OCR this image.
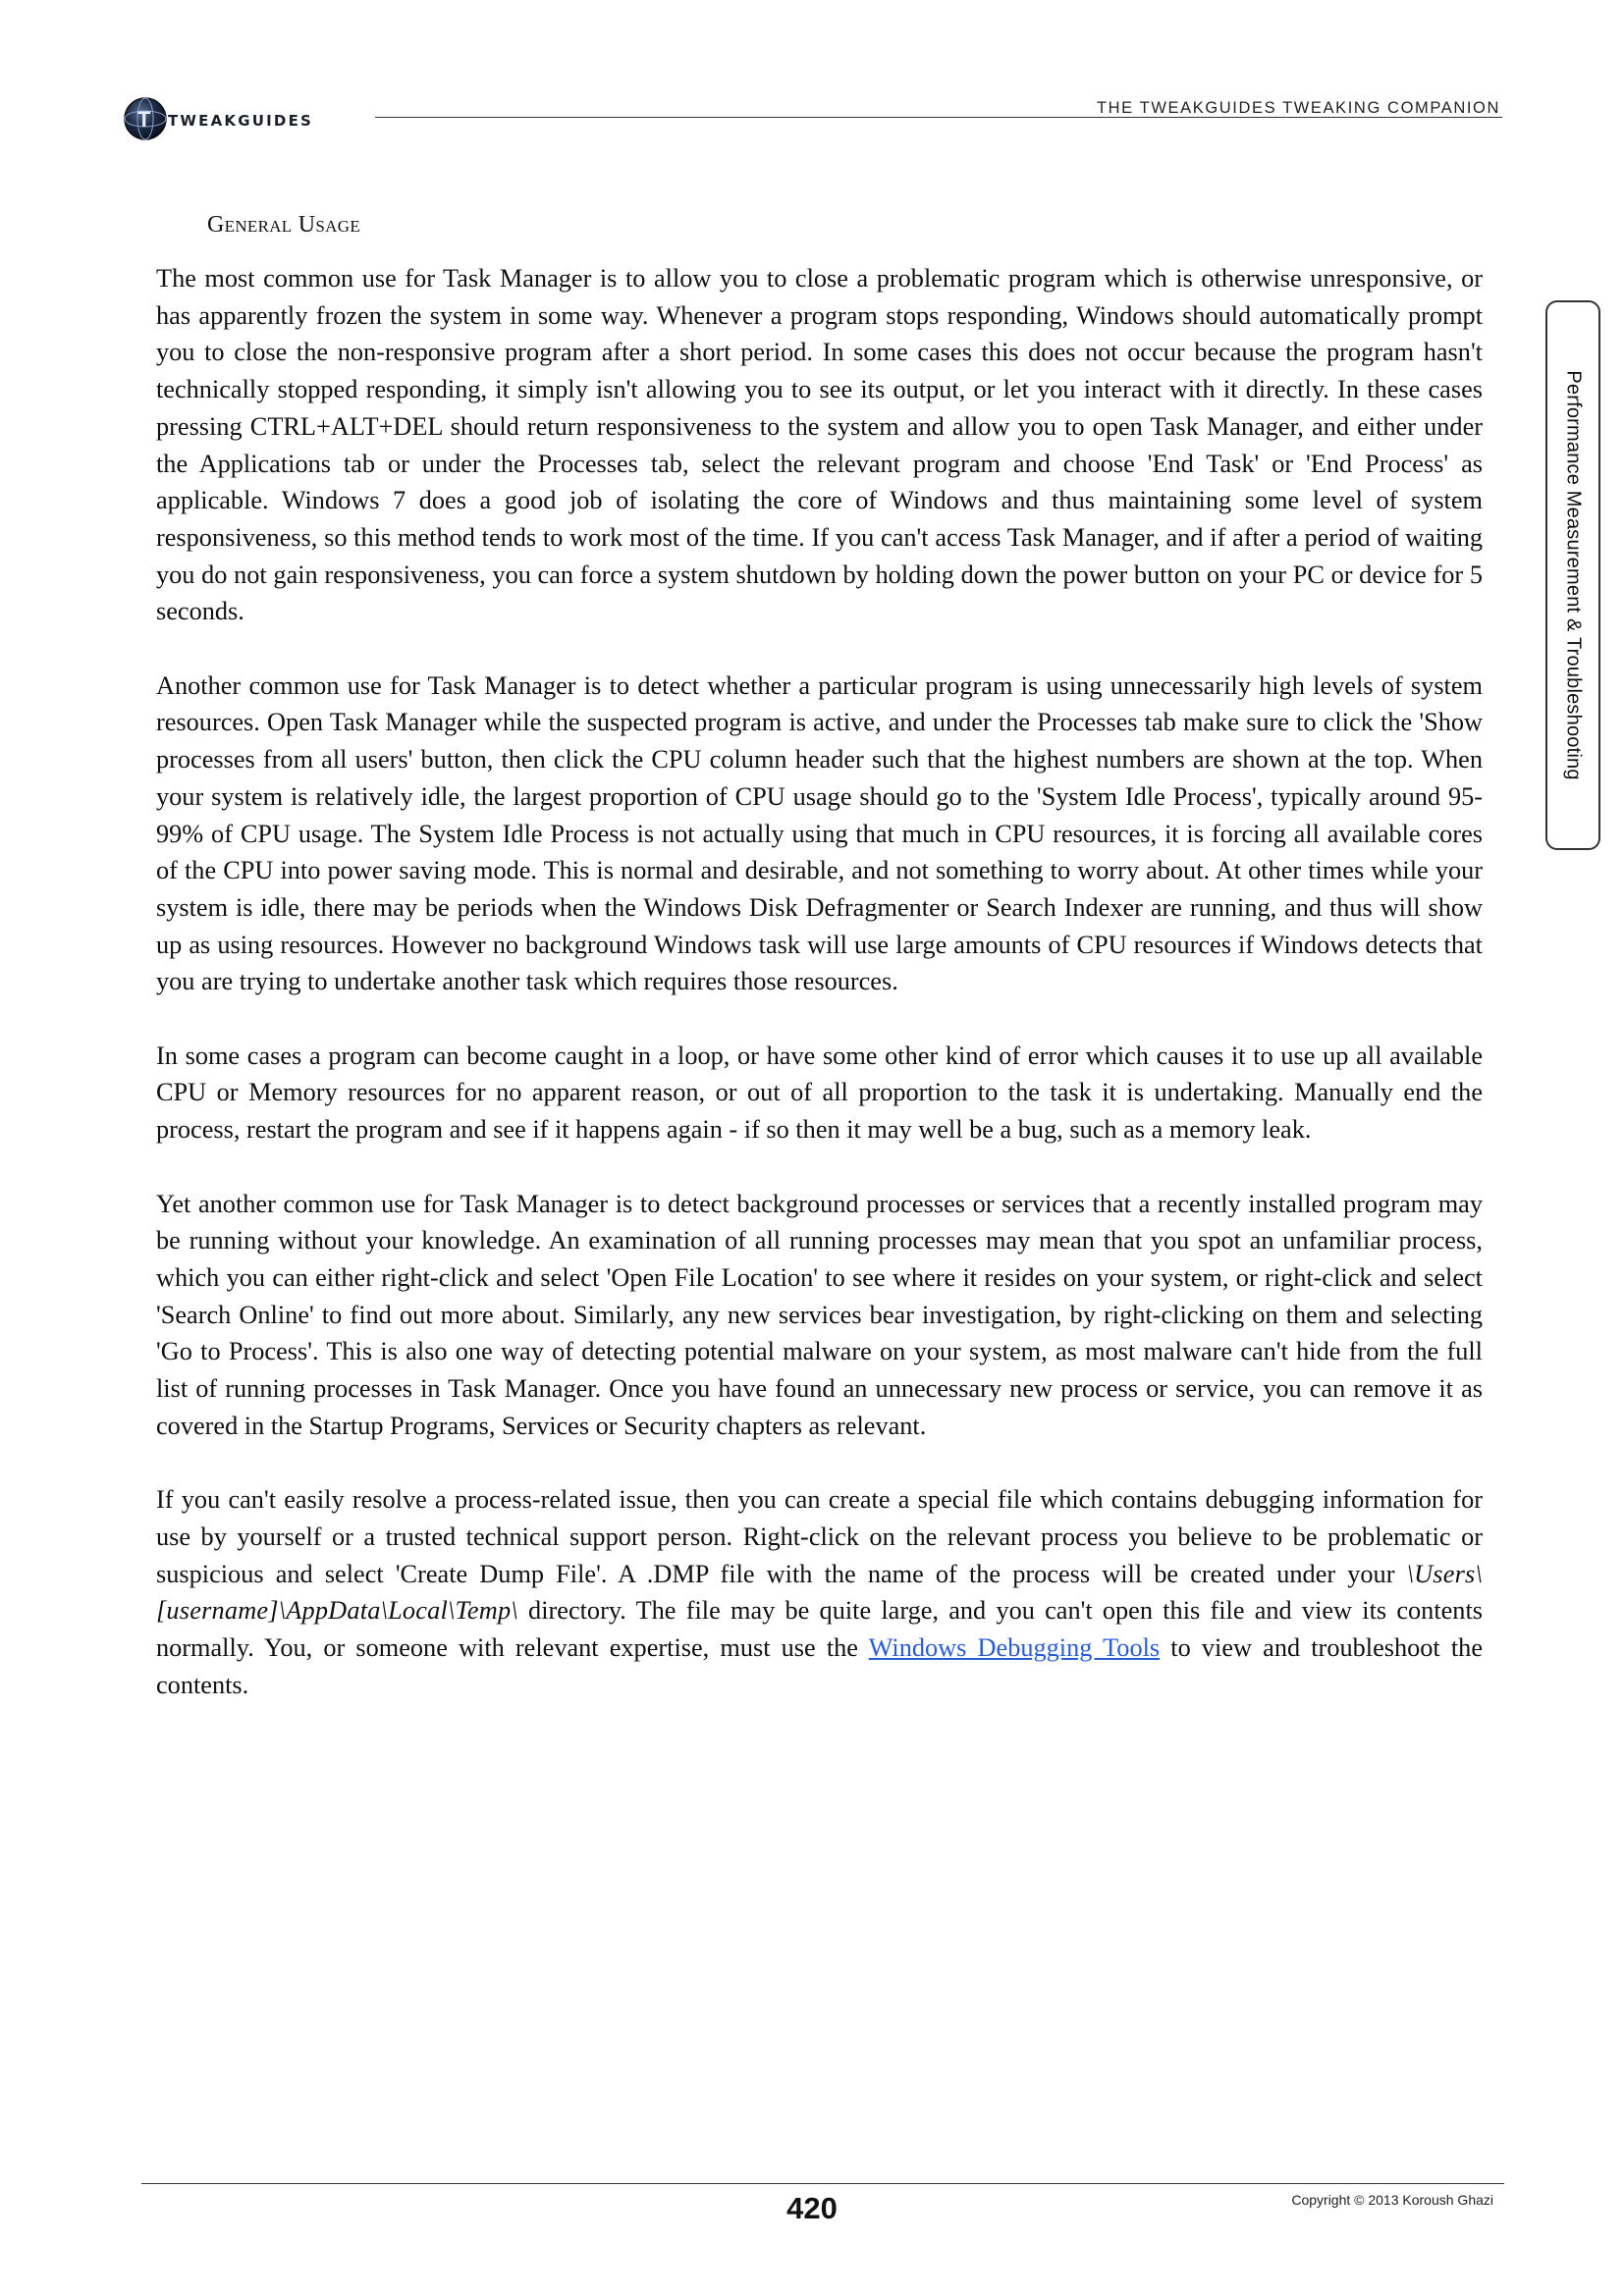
T TWEAKGUIDES
THE TWEAKGUIDES TWEAKING COMPANION
General Usage

The most common use for Task Manager is to allow you to close a problematic program which is otherwise unresponsive, or has apparently frozen the system in some way. Whenever a program stops responding, Windows should automatically prompt you to close the non-responsive program after a short period. In some cases this does not occur because the program hasn't technically stopped responding, it simply isn't allowing you to see its output, or let you interact with it directly. In these cases pressing CTRL+ALT+DEL should return responsiveness to the system and allow you to open Task Manager, and either under the Applications tab or under the Processes tab, select the relevant program and choose 'End Task' or 'End Process' as applicable. Windows 7 does a good job of isolating the core of Windows and thus maintaining some level of system responsiveness, so this method tends to work most of the time. If you can't access Task Manager, and if after a period of waiting you do not gain responsiveness, you can force a system shutdown by holding down the power button on your PC or device for 5 seconds.

Another common use for Task Manager is to detect whether a particular program is using unnecessarily high levels of system resources. Open Task Manager while the suspected program is active, and under the Processes tab make sure to click the 'Show processes from all users' button, then click the CPU column header such that the highest numbers are shown at the top. When your system is relatively idle, the largest proportion of CPU usage should go to the 'System Idle Process', typically around 95-99% of CPU usage. The System Idle Process is not actually using that much in CPU resources, it is forcing all available cores of the CPU into power saving mode. This is normal and desirable, and not something to worry about. At other times while your system is idle, there may be periods when the Windows Disk Defragmenter or Search Indexer are running, and thus will show up as using resources. However no background Windows task will use large amounts of CPU resources if Windows detects that you are trying to undertake another task which requires those resources.

In some cases a program can become caught in a loop, or have some other kind of error which causes it to use up all available CPU or Memory resources for no apparent reason, or out of all proportion to the task it is undertaking. Manually end the process, restart the program and see if it happens again - if so then it may well be a bug, such as a memory leak.

Yet another common use for Task Manager is to detect background processes or services that a recently installed program may be running without your knowledge. An examination of all running processes may mean that you spot an unfamiliar process, which you can either right-click and select 'Open File Location' to see where it resides on your system, or right-click and select 'Search Online' to find out more about. Similarly, any new services bear investigation, by right-clicking on them and selecting 'Go to Process'. This is also one way of detecting potential malware on your system, as most malware can't hide from the full list of running processes in Task Manager. Once you have found an unnecessary new process or service, you can remove it as covered in the Startup Programs, Services or Security chapters as relevant.

If you can't easily resolve a process-related issue, then you can create a special file which contains debugging information for use by yourself or a trusted technical support person. Right-click on the relevant process you believe to be problematic or suspicious and select 'Create Dump File'. A .DMP file with the name of the process will be created under your \Users\[username]\AppData\Local\Temp\ directory. The file may be quite large, and you can't open this file and view its contents normally. You, or someone with relevant expertise, must use the Windows Debugging Tools to view and troubleshoot the contents.

Performance Measurement & Troubleshooting
420	Copyright © 2013 Koroush Ghazi
